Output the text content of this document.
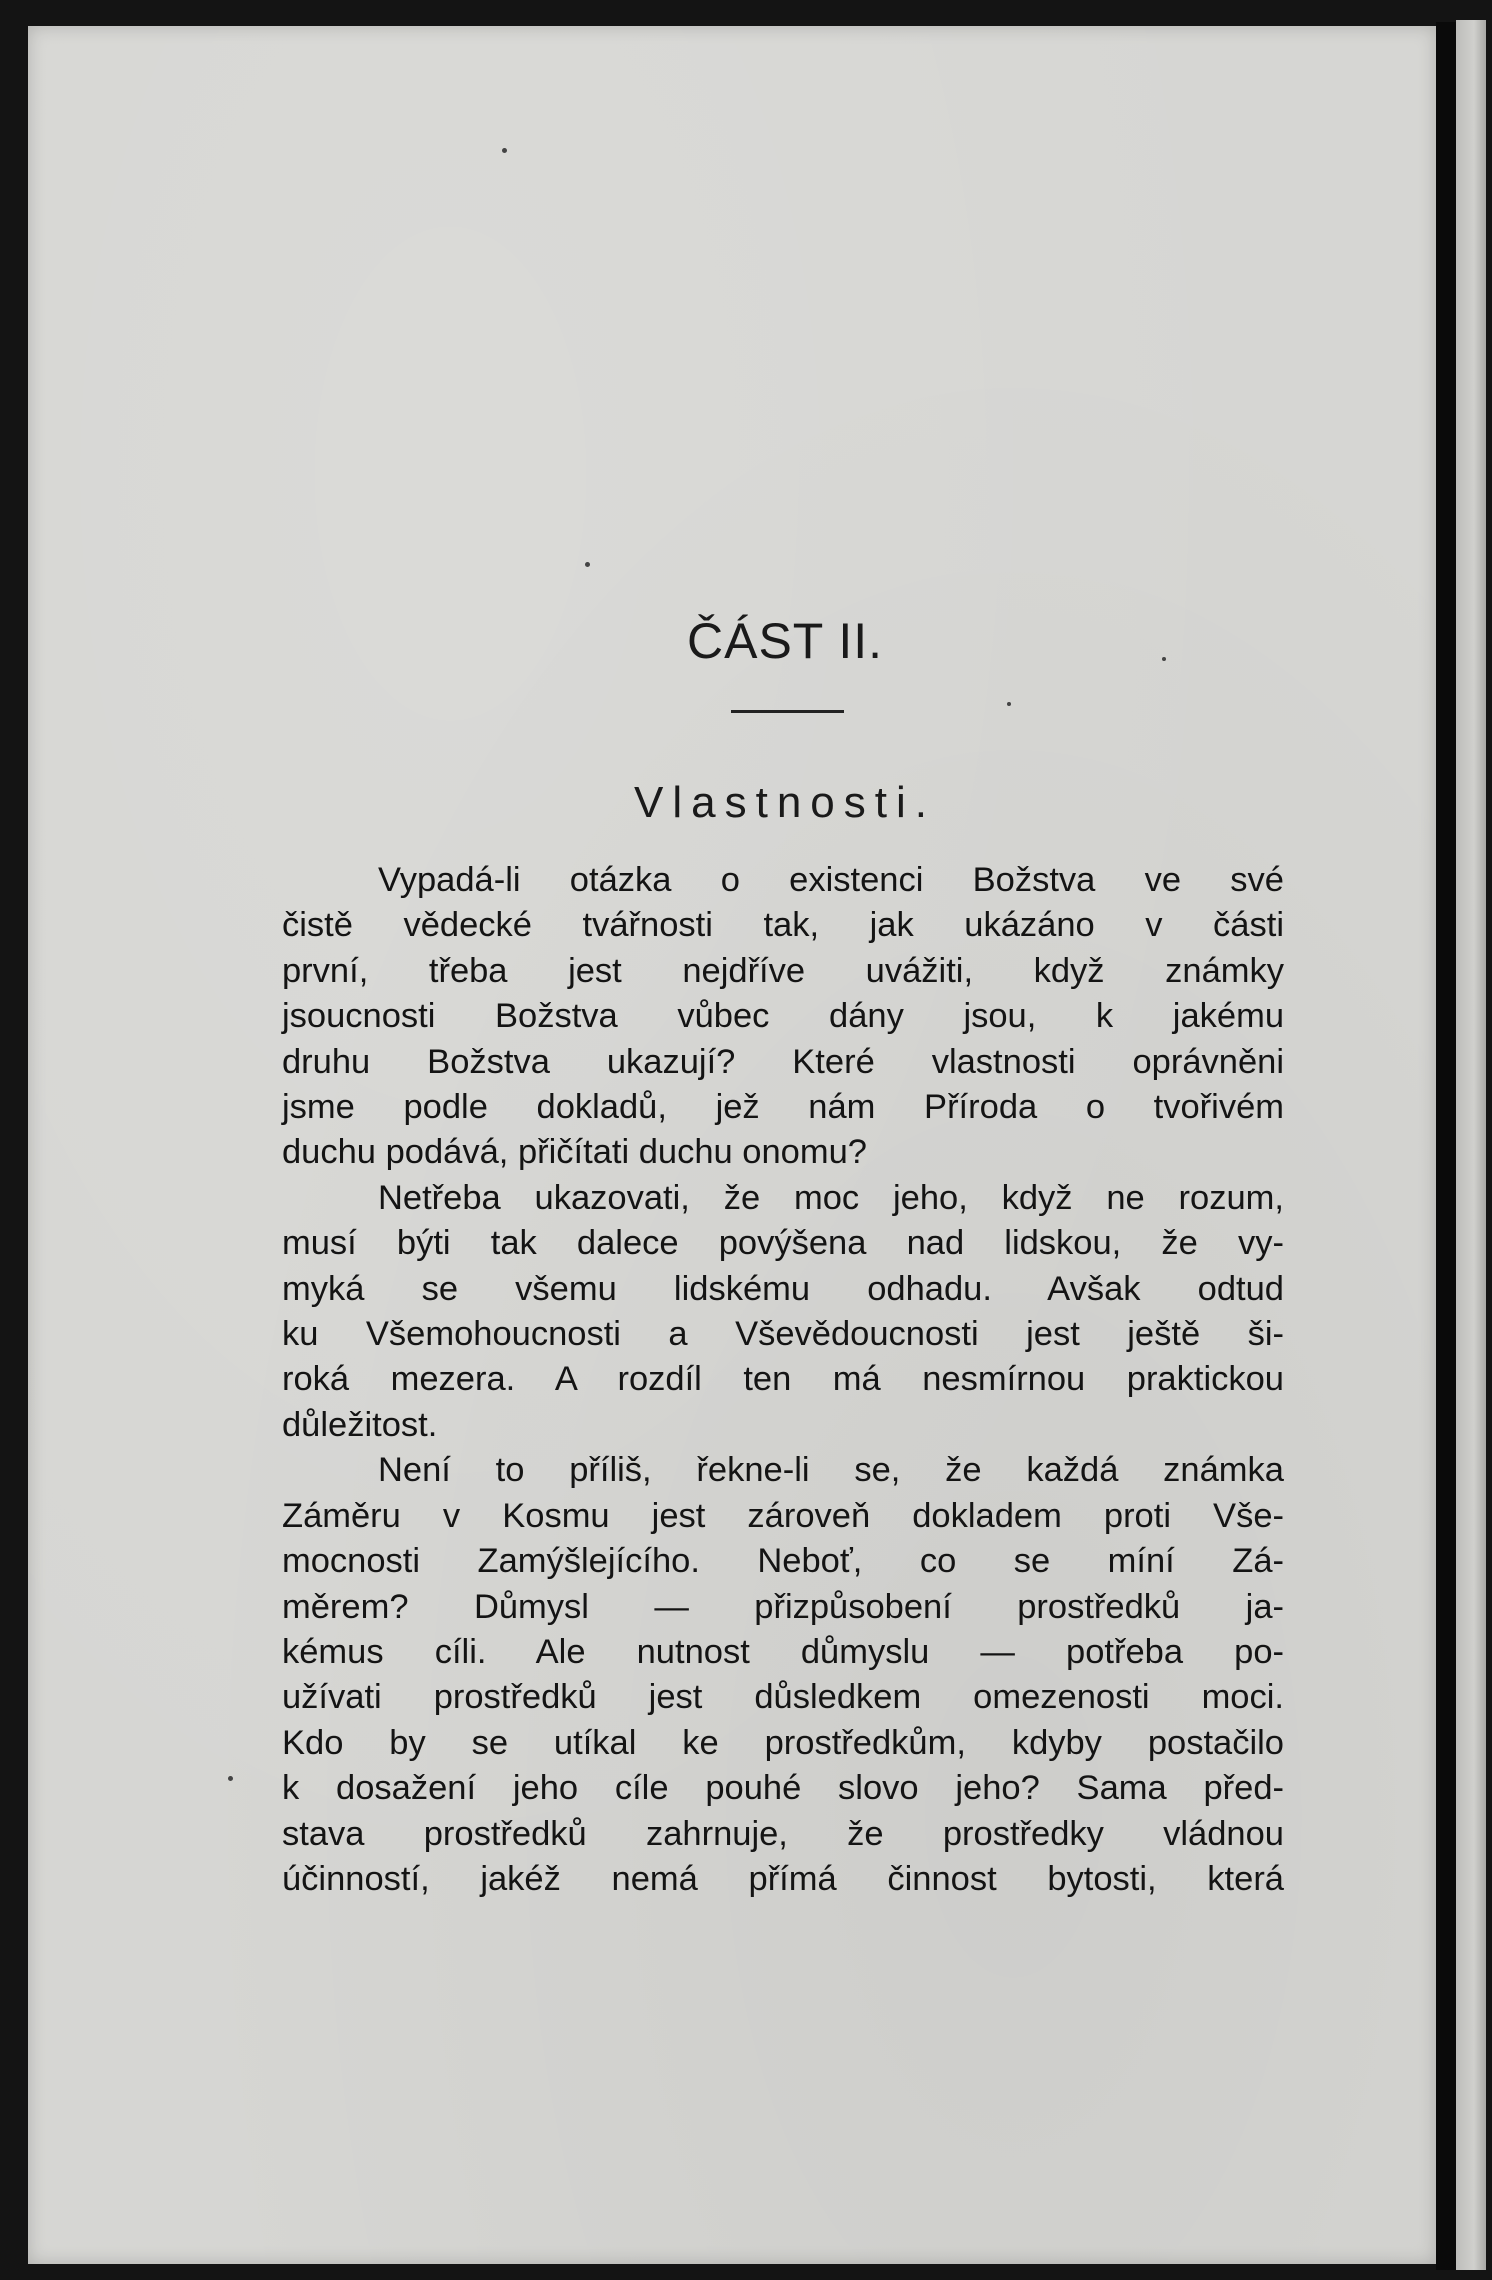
ČÁST II.
Vlastnosti.
Vypadá-li otázka o existenci Božstva ve své
čistě vědecké tvářnosti tak, jak ukázáno v části
první, třeba jest nejdříve uvážiti, když známky
jsoucnosti Božstva vůbec dány jsou, k jakému
druhu Božstva ukazují? Které vlastnosti oprávněni
jsme podle dokladů, jež nám Příroda o tvořivém
duchu podává, přičítati duchu onomu?
Netřeba ukazovati, že moc jeho, když ne rozum,
musí býti tak dalece povýšena nad lidskou, že vy-
myká se všemu lidskému odhadu. Avšak odtud
ku Všemohoucnosti a Vševědoucnosti jest ještě ši-
roká mezera. A rozdíl ten má nesmírnou praktickou
důležitost.
Není to příliš, řekne-li se, že každá známka
Záměru v Kosmu jest zároveň dokladem proti Vše-
mocnosti Zamýšlejícího. Neboť, co se míní Zá-
měrem? Důmysl — přizpůsobení prostředků ja-
kémus cíli. Ale nutnost důmyslu — potřeba po-
užívati prostředků jest důsledkem omezenosti moci.
Kdo by se utíkal ke prostředkům, kdyby postačilo
k dosažení jeho cíle pouhé slovo jeho? Sama před-
stava prostředků zahrnuje, že prostředky vládnou
účinností, jakéž nemá přímá činnost bytosti, která
